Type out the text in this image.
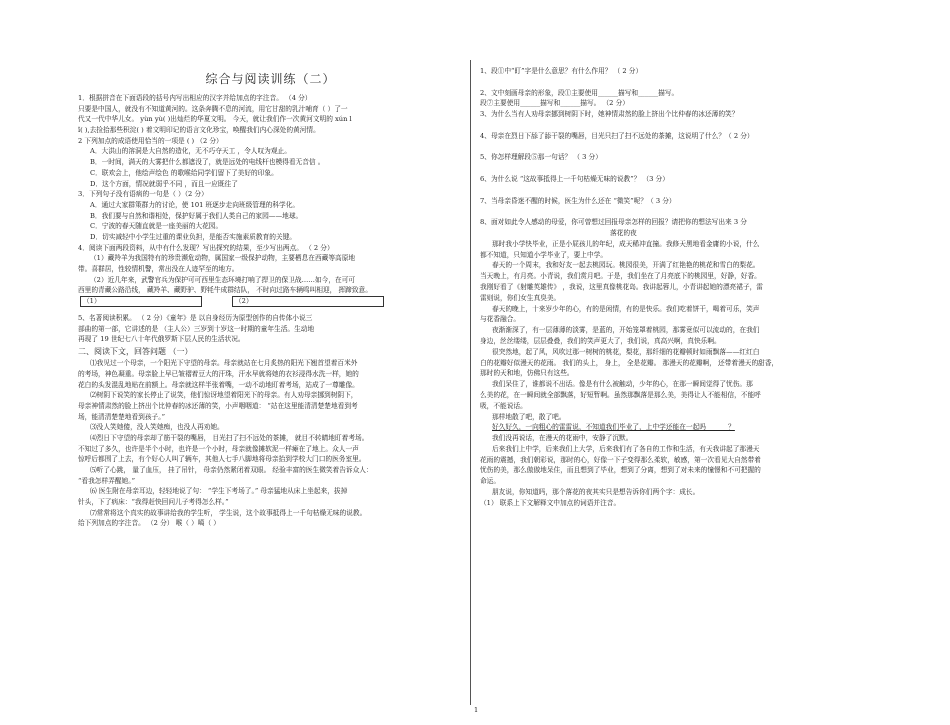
综合与阅读训练（二）
1．根据拼音在下面语段的括号内写出相应的汉字并给加点的字注音。 （4 分）
只要是中国人，就没有不知道黄河的。这条奔腾不息的河流，用它甘甜的乳汁哺育（ ）了一
代又一代中华儿女。 yùn yù( )出灿烂的华夏文明。 今天，就让我们作一次黄河文明的 xún l
ǐ( ),去捡拾那些积淀( ) 着文明印记的语言文化珍宝，唤醒我们内心深处的黄河情。
2 下列加点的成语使用恰当的一项是 ( ) （2 分）
A．大洪山的溶洞是大自然的造化，无不巧夺天工 ，令人叹为观止。
B．一时间，满天的大雾把什么都遮没了，就是远处的电线杆也模得看无音信 。
C．联欢会上，他绘声绘色 的歌喉给同学们留下了美好的印象。
D．这个方面，情况就弱乎不同 ，而且一应既往了
3．下列句子没有语病的一句是（ ）（2 分）
A．通过大家群策群力的讨论，使 101 班逐步走向班级管理的科学化。
B．我们要与自然和谐相处，保护好属于我们人类自己的家园——地球。
C．宁波的春天随直就是一座美丽的大花园。
D．切实减轻中小学生过重的课业负担，是能否实施素质教育的关键。
4．阅读下面两段资料，从中有什么发现？写出探究的结果，至少写出两点。 （ 2 分）
（1）藏羚羊为我国特有的珍贵濒危动物，属国家一级保护动物，主要栖息在西藏等高原地
带。喜群居，性较情机警，常出没在人迹罕至的地方。
（2）近几年来，武警官兵为保护可可西里生态环境打响了捍卫的保卫战……如今，在可可
西里的青藏公路沿线， 藏羚羊、藏野驴、野牦牛成群结队， 不时向过路车辆鸣叫相迎， 挥蹄致意。
（1）	（2）
5、名著阅读积累。 （ 2 分）《童年》是 以自身经历为原型创作的自传体小说三
部曲的第一部，它讲述的是 （主人公）三岁到十岁这一时期的童年生活。生动地
再现了 19 世纪七八十年代俄罗斯下层人民的生活状况。
二、阅读下文，回答问题 （一）
⑴我见过一个母亲，一个阳光下守望的母亲。母亲就站在七月炙热的阳光下翘首望着百米外
的考场，神色凝重。母亲脸上早已皱褶着豆大的汗珠，汗水早就将她的衣衫浸得水洗一样，她的
花白的头发混乱地贴在前额上。母亲就这样半张着嘴，一动不动地盯着考场，站成了一尊雕像。
⑵树阴下说笑的家长停止了说笑，他们惊讶地望着阳光下的母亲。有人劝母亲挪到树阴下，
母亲神情肃然的脸上挤出个比仲春的冰还薄的笑，小声咽咽道： “站在这里能清清楚楚地看到考
场，能清清楚楚地看到孩子。”
⑶没人笑她傻，没人笑她痴，也没人再劝她。
⑷烈日下守望的母亲却了筋干裂的嘴唇， 目光扫了扫不远处的茶摊， 就目不转睛地盯着考场。
不知过了多久，也许是半个小时，也许是一个小时，母亲就像摊软泥一样瘫在了地上。众人一声
惊呼后都围了上去，有个好心人叫了辆车，其他人七手八脚地将母亲抬到学校大门口的医务室里。
⑸听了心跳， 量了血压， 挂了吊针， 母亲仍然紧闭着双眼。 经验丰富的医生微笑着告诉众人：
“看我怎样弄醒她。”
⑹ 医生附在母亲耳边，轻轻地说了句： “学生下考场了。” 母亲猛地从床上坐起来，拔掉
针头，下了病床：“我得赶快回问儿子考得怎么样。”
⑺常常将这个真实的故事讲给我的学生听， 学生说，这个故事抵得上一千句枯燥无味的说教。
给下列加点的字注音。 （2 分） 喉（ ）噶（ ）
1、段①中“盯”字是什么意思？有什么作用？ （ 2 分）
2、文中刻画母亲的形象，段①主要使用______描写和______描写。
段⑦主要使用______描写和______描写。 （2 分）
3、为什么当有人劝母亲挪到树阴下时，她神情肃然的脸上挤出个比仲春的冰还薄的笑？
4、母亲在烈日下舔了舔干裂的嘴唇，目光只扫了扫不远处的茶摊，这说明了什么？（ 2 分）
5、你怎样理解段⑤那一句话？ （ 3 分）
6、为什么说 “这故事抵得上一千句枯燥无味的说教”？ （3 分）
7、当母亲昏迷不醒的时候，医生为什么还在 “微笑”呢？（ 3 分）
8、面对如此令人感动的母爱，你可曾想过回报母亲怎样的回报？请把你的想法写出来 3 分
落花的夜
那时我小学快毕业，正是小屁孩儿的年纪，成天稀冲直撞。我修天黑地看金庸的小说，什么
都不知道，只知道小学毕业了，要上中学。
春天的一个周末，我和好友一起去桃园玩。桃园很美，开满了红艳艳的桃花和雪白的梨花。
当天晚上，有月亮。小青说，我们赏月吧。于是，我们坐在了月亮底下的桃园里，好静，好香。
我刚好看了《射雕英雄传》 ，我说，这里真像桃花岛。我讲起蓉儿，小青讲起她的漂亮裙子，雷
雷则说，你们女生真臭美。
春天的晚上，十来岁少年的心，有的是闲情，有的是快乐。我们吃着饼干，喝着可乐，笑声
与花香融合。
夜渐渐深了，有一层薄薄的淡雾，是蓝的，开始笼罩着桃园，那雾竟似可以流动的，在我们
身边，丝丝缕缕，层层叠叠，我们的笑声更大了，我们说，真高兴啊，真快乐啊。
很突然地，起了风，风吹过那一树树的桃花，梨花，那纤细的花瓣顿时如雨飘落——红红白
白的花瓣好似漫天的花雨。 我们的头上， 身上， 全是花瓣。 那漫天的花瓣啊， 还带着漫天的甜香，
那时的天和地，仿佛只有这些。
我们呆住了，谁都说不出话。像是有什么被触动，少年的心，在那一瞬间觉得了忧伤。那
么美的花，在一瞬间就全部飘落，好短暂啊。虽然那飘落是那么美，美得让人不能相信，不能呼
吸，不能说话。
那样地散了吧，散了吧。
好久好久，一向粗心的雷雷说，不知道我们毕业了，上中学还能在一起吗 ______？
我们没再说话，在漫天的花雨中，安静了沉默。
后来我们上中学，后来我们上大学，后来我们有了各自的工作和生活，有天我讲起了那漫天
花雨的震撼，我们朝彩说，那时的心，好像一下子变得那么柔软，敏感，第一次看见大自然带着
忧伤的美，那么傲傲地呆住，而且想到了毕业，想到了分离，想到了对未来的憧憬和不可把握的
命运。
朋友说，你知道吗，那个落花的夜其实只是想告诉你们两个字：成长。
（1） 联系上下文解释文中加点的词语并注音。
1
